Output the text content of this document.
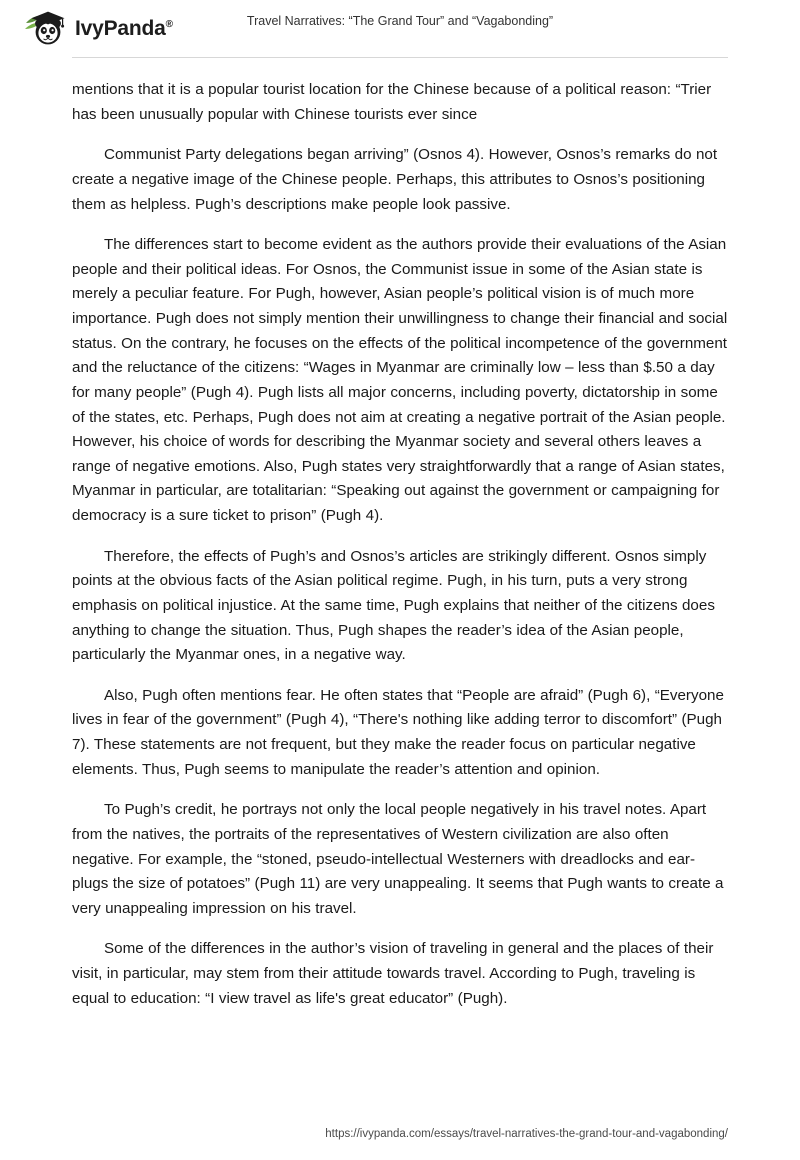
IvyPanda®	Travel Narratives: “The Grand Tour” and “Vagabonding”

mentions that it is a popular tourist location for the Chinese because of a political reason: “Trier has been unusually popular with Chinese tourists ever since

Communist Party delegations began arriving” (Osnos 4). However, Osnos’s remarks do not create a negative image of the Chinese people. Perhaps, this attributes to Osnos’s positioning them as helpless. Pugh’s descriptions make people look passive.

The differences start to become evident as the authors provide their evaluations of the Asian people and their political ideas. For Osnos, the Communist issue in some of the Asian state is merely a peculiar feature. For Pugh, however, Asian people’s political vision is of much more importance. Pugh does not simply mention their unwillingness to change their financial and social status. On the contrary, he focuses on the effects of the political incompetence of the government and the reluctance of the citizens: “Wages in Myanmar are criminally low – less than $.50 a day for many people” (Pugh 4). Pugh lists all major concerns, including poverty, dictatorship in some of the states, etc. Perhaps, Pugh does not aim at creating a negative portrait of the Asian people. However, his choice of words for describing the Myanmar society and several others leaves a range of negative emotions. Also, Pugh states very straightforwardly that a range of Asian states, Myanmar in particular, are totalitarian: “Speaking out against the government or campaigning for democracy is a sure ticket to prison” (Pugh 4).

Therefore, the effects of Pugh’s and Osnos’s articles are strikingly different. Osnos simply points at the obvious facts of the Asian political regime. Pugh, in his turn, puts a very strong emphasis on political injustice. At the same time, Pugh explains that neither of the citizens does anything to change the situation. Thus, Pugh shapes the reader’s idea of the Asian people, particularly the Myanmar ones, in a negative way.

Also, Pugh often mentions fear. He often states that “People are afraid” (Pugh 6), “Everyone lives in fear of the government” (Pugh 4), “There's nothing like adding terror to discomfort” (Pugh 7). These statements are not frequent, but they make the reader focus on particular negative elements. Thus, Pugh seems to manipulate the reader’s attention and opinion.

To Pugh’s credit, he portrays not only the local people negatively in his travel notes. Apart from the natives, the portraits of the representatives of Western civilization are also often negative. For example, the “stoned, pseudo-intellectual Westerners with dreadlocks and ear-plugs the size of potatoes” (Pugh 11) are very unappealing. It seems that Pugh wants to create a very unappealing impression on his travel.

Some of the differences in the author’s vision of traveling in general and the places of their visit, in particular, may stem from their attitude towards travel. According to Pugh, traveling is equal to education: “I view travel as life's great educator” (Pugh).

https://ivypanda.com/essays/travel-narratives-the-grand-tour-and-vagabonding/
